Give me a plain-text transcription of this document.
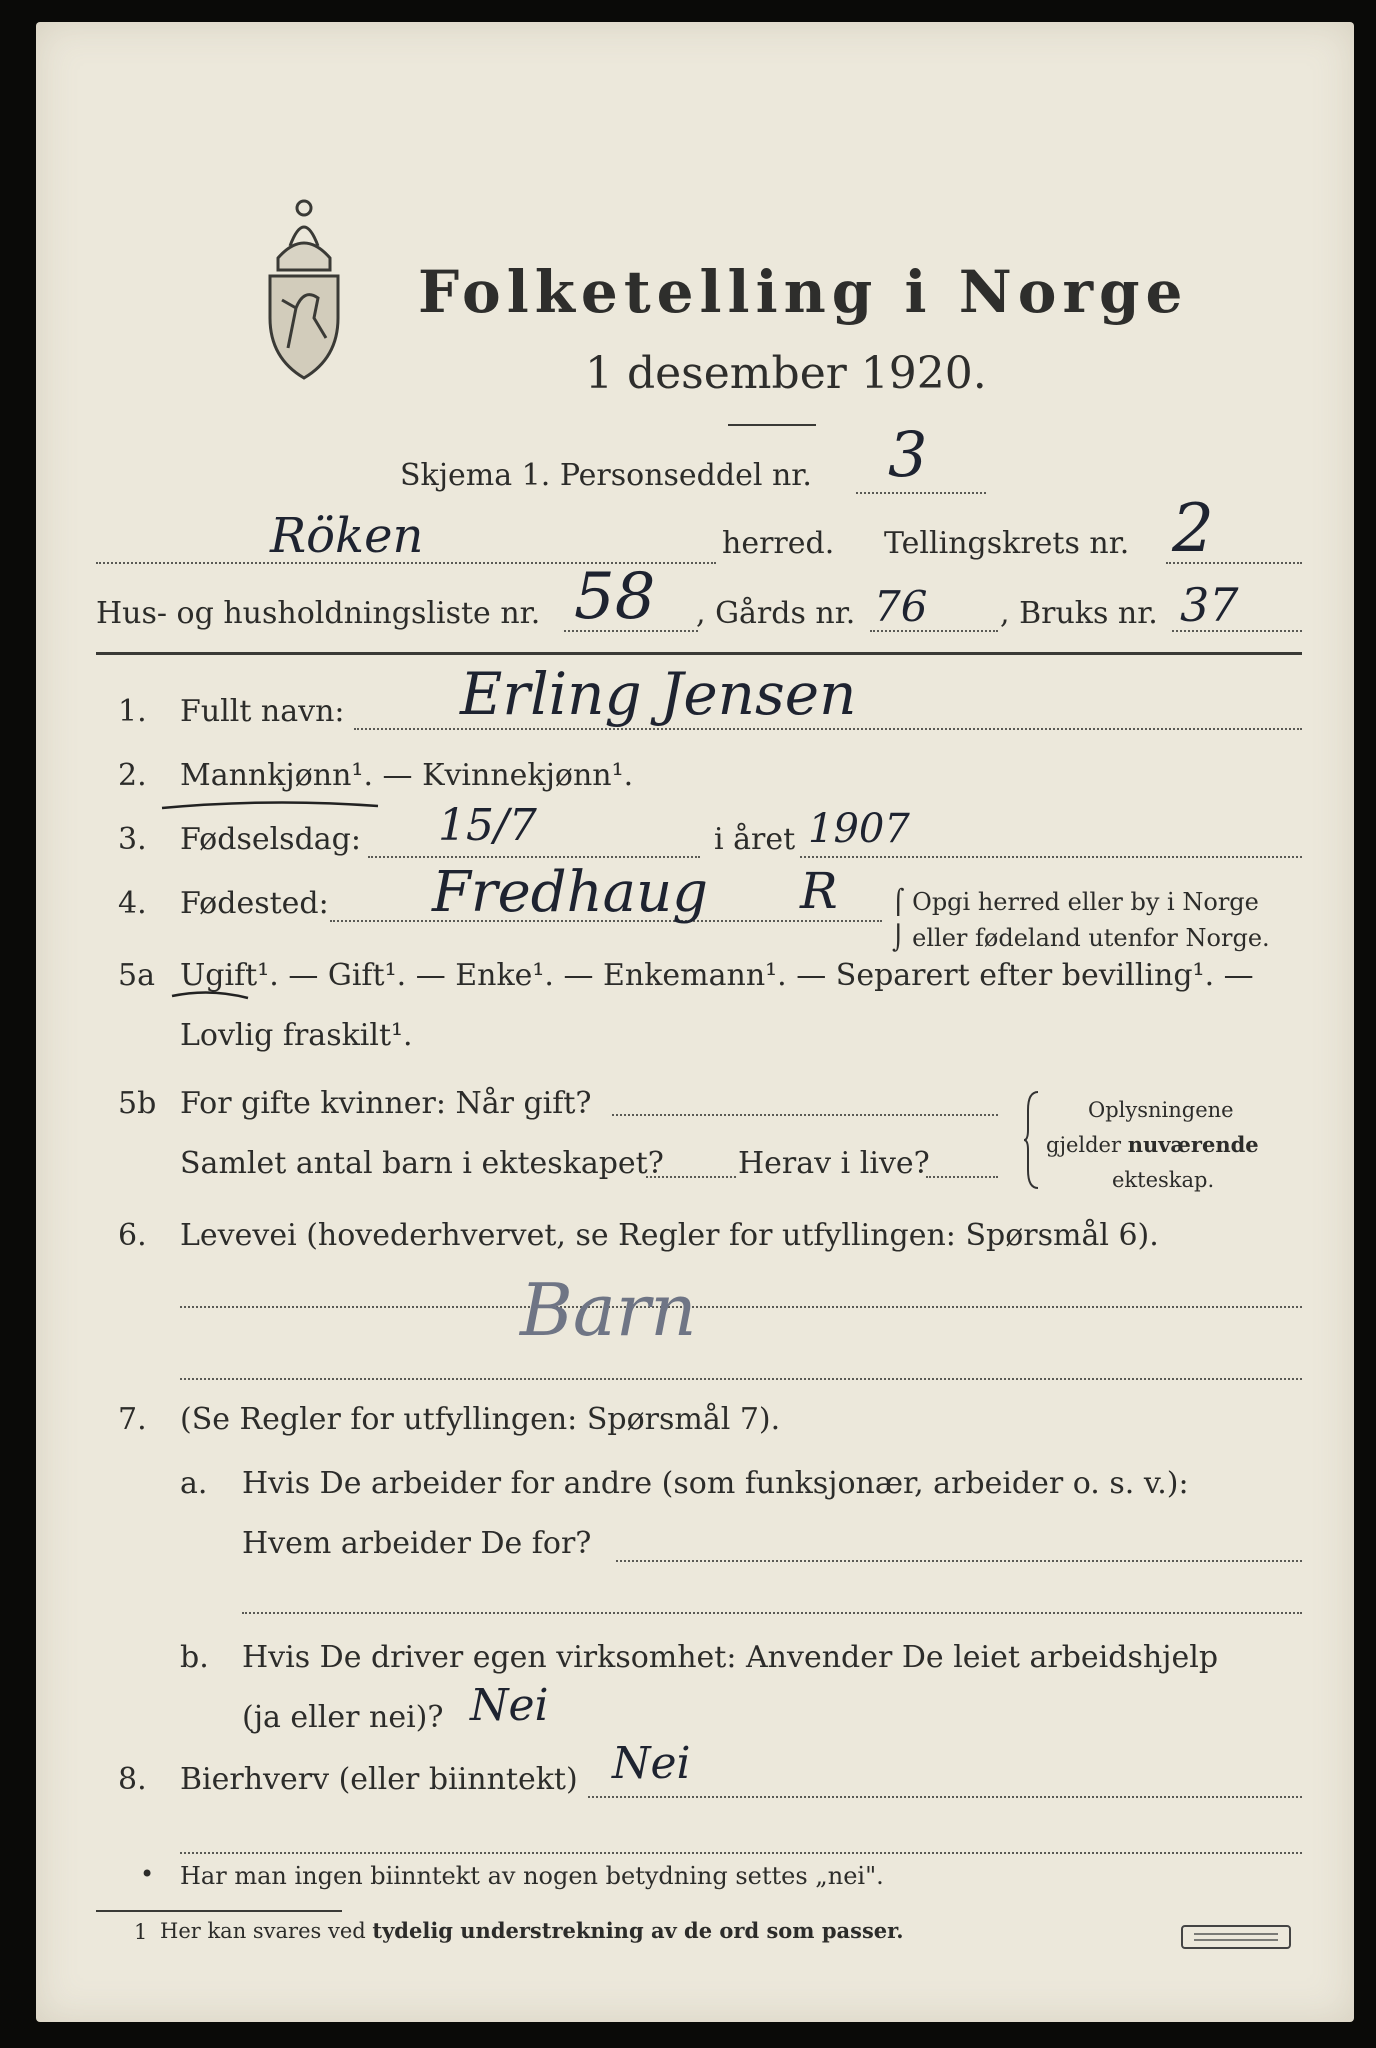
Folketelling i Norge
1 desember 1920.
Skjema 1. Personseddel nr. 3
Röken	herred. Tellingskrets nr. 2
Hus- og husholdningsliste nr. 58 , Gårds nr. 76 , Bruks nr. 37
1. Fullt navn: Erling Jensen
2. Mannkjønn¹. — Kvinnekjønn¹.
3. Fødselsdag: 15/7	i året 1907
4. Fødested: Fredhaug R ⌠ Opgi herred eller by i Norge
⌡ eller fødeland utenfor Norge.
5a Ugift¹. — Gift¹. — Enke¹. — Enkemann¹. — Separert efter bevilling¹. —
Lovlig fraskilt¹.
5b For gifte kvinner: Når gift?
Samlet antal barn i ekteskapet? Herav i live?
Oplysningene
gjelder nuværende
ekteskap.
6. Levevei (hovederhvervet, se Regler for utfyllingen: Spørsmål 6).
Barn
7. (Se Regler for utfyllingen: Spørsmål 7).
a. Hvis De arbeider for andre (som funksjonær, arbeider o. s. v.):
Hvem arbeider De for?
b. Hvis De driver egen virksomhet: Anvender De leiet arbeidshjelp
(ja eller nei)? Nei
8. Bierhverv (eller biinntekt) Nei
• Har man ingen biinntekt av nogen betydning settes „nei".
1 Her kan svares ved tydelig understrekning av de ord som passer.
